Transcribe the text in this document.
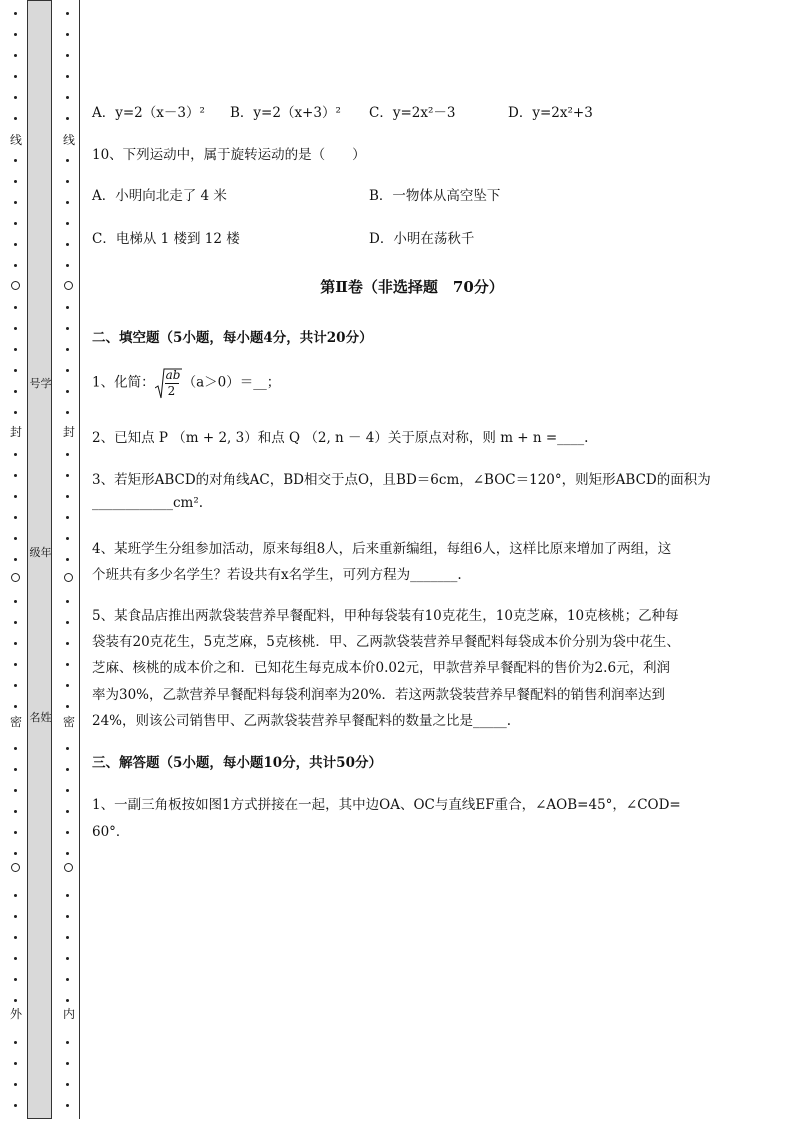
号学
级年
名姓
线
封
密
外
线
封
密
内
A．y=2（x－3）² B．y=2（x+3）² C．y=2x²－3	D．y=2x²+3
10、下列运动中，属于旋转运动的是（　　）
A．小明向北走了 4 米	B．一物体从高空坠下
C．电梯从 1 楼到 12 楼	D．小明在荡秋千
第Ⅱ卷（非选择题　70分）
二、填空题（5小题，每小题4分，共计20分）
1、化简： $\frac{ab}{2}$ （a＞0）＝__；
2、已知点 P （m + 2, 3）和点 Q （2, n － 4）关于原点对称，则 m + n =____.
3、若矩形ABCD的对角线AC，BD相交于点O，且BD＝6cm，∠BOC＝120°，则矩形ABCD的面积为
____________cm².
4、某班学生分组参加活动，原来每组8人，后来重新编组，每组6人，这样比原来增加了两组，这
个班共有多少名学生？若设共有x名学生，可列方程为_______.
5、某食品店推出两款袋装营养早餐配料，甲种每袋装有10克花生，10克芝麻，10克核桃；乙种每
袋装有20克花生，5克芝麻，5克核桃．甲、乙两款袋装营养早餐配料每袋成本价分别为袋中花生、
芝麻、核桃的成本价之和．已知花生每克成本价0.02元，甲款营养早餐配料的售价为2.6元，利润
率为30%，乙款营养早餐配料每袋利润率为20%．若这两款袋装营养早餐配料的销售利润率达到
24%，则该公司销售甲、乙两款袋装营养早餐配料的数量之比是_____.
三、解答题（5小题，每小题10分，共计50分）
1、一副三角板按如图1方式拼接在一起，其中边OA、OC与直线EF重合，∠AOB=45°，∠COD=
60°．
